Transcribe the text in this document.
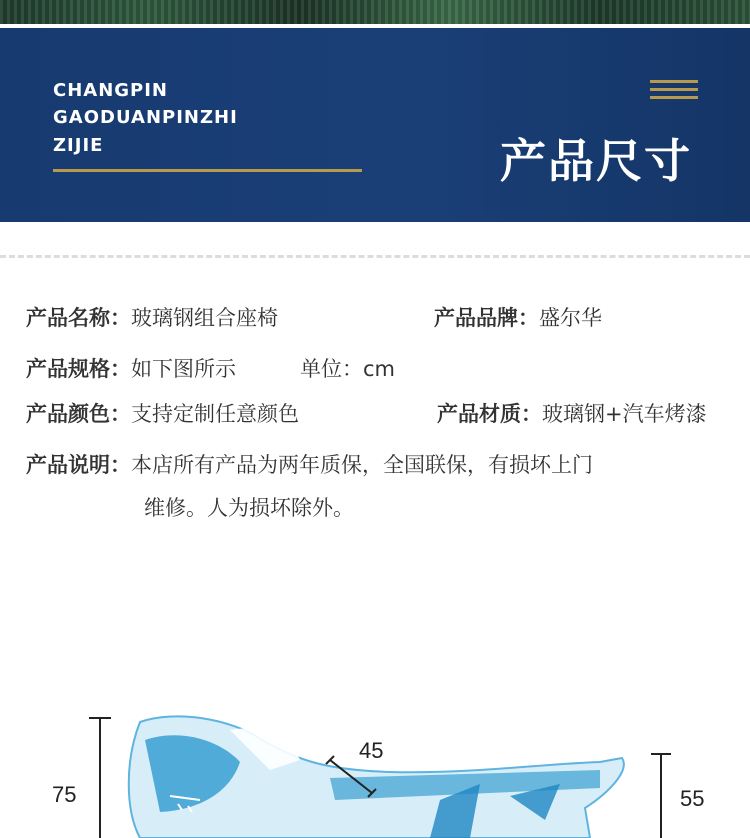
CHANGPIN
GAODUANPINZHI
ZIJIE	产品尺寸
产品名称：玻璃钢组合座椅	产品品牌：盛尔华
产品规格：如下图所示	单位：cm
产品颜色：支持定制任意颜色	产品材质：玻璃钢+汽车烤漆
产品说明：本店所有产品为两年质保，全国联保，有损坏上门
维修。人为损坏除外。
75
45
55
